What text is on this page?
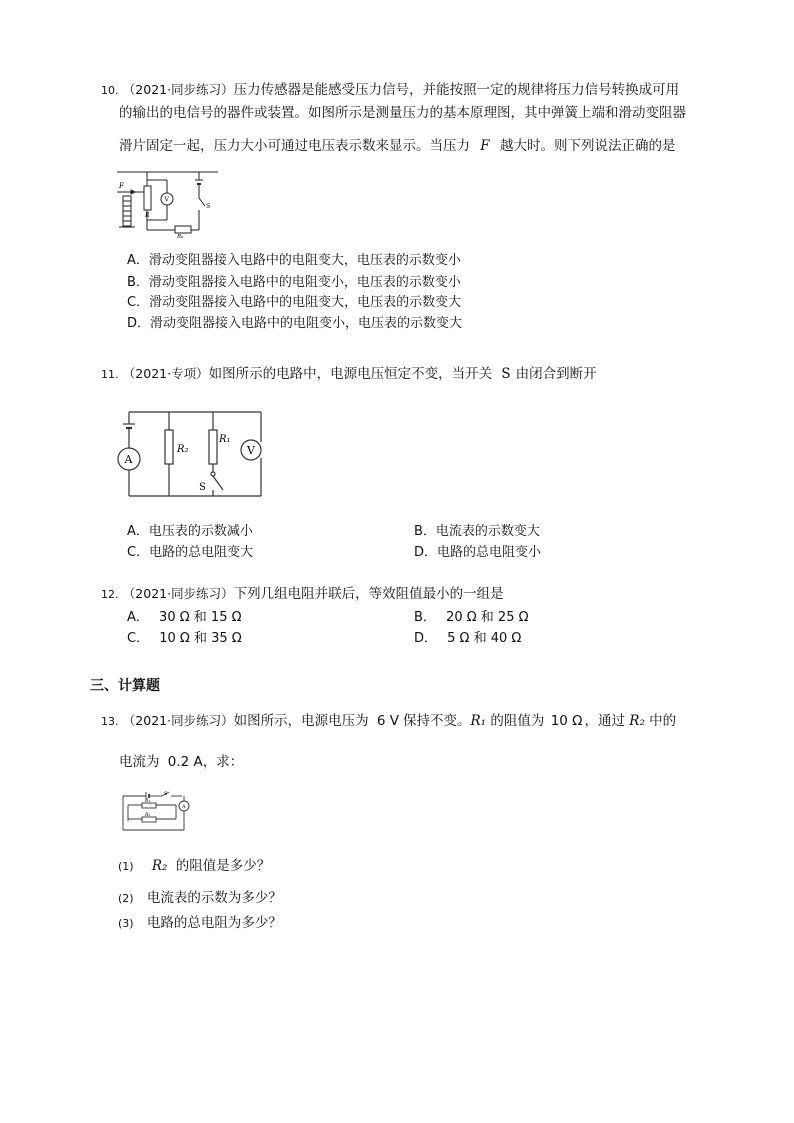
10. （2021·同步练习）压力传感器是能感受压力信号，并能按照一定的规律将压力信号转换成可用
的输出的电信号的器件或装置。如图所示是测量压力的基本原理图，其中弹簧上端和滑动变阻器
滑片固定一起，压力大小可通过电压表示数来显示。当压力 F 越大时。则下列说法正确的是
F
R
V
S
R₀
A．滑动变阻器接入电路中的电阻变大，电压表的示数变小
B．滑动变阻器接入电路中的电阻变小，电压表的示数变小
C．滑动变阻器接入电路中的电阻变大，电压表的示数变大
D．滑动变阻器接入电路中的电阻变小，电压表的示数变大
11. （2021·专项）如图所示的电路中，电源电压恒定不变，当开关 S 由闭合到断开
A
R₂
R₁
V
S
A．电压表的示数减小	B．电流表的示数变大
C．电路的总电阻变大	D．电路的总电阻变小
12. （2021·同步练习）下列几组电阻并联后，等效阻值最小的一组是
A． 30 Ω 和 15 Ω	B． 20 Ω 和 25 Ω
C． 10 Ω 和 35 Ω	D． 5 Ω 和 40 Ω
三、计算题
13. （2021·同步练习）如图所示，电源电压为 6 V 保持不变。R₁ 的阻值为 10 Ω ，通过 R₂ 中的
电流为 0.2 A，求：
S
A
R₁
R₂
(1) R₂ 的阻值是多少？
(2) 电流表的示数为多少？
(3) 电路的总电阻为多少？
